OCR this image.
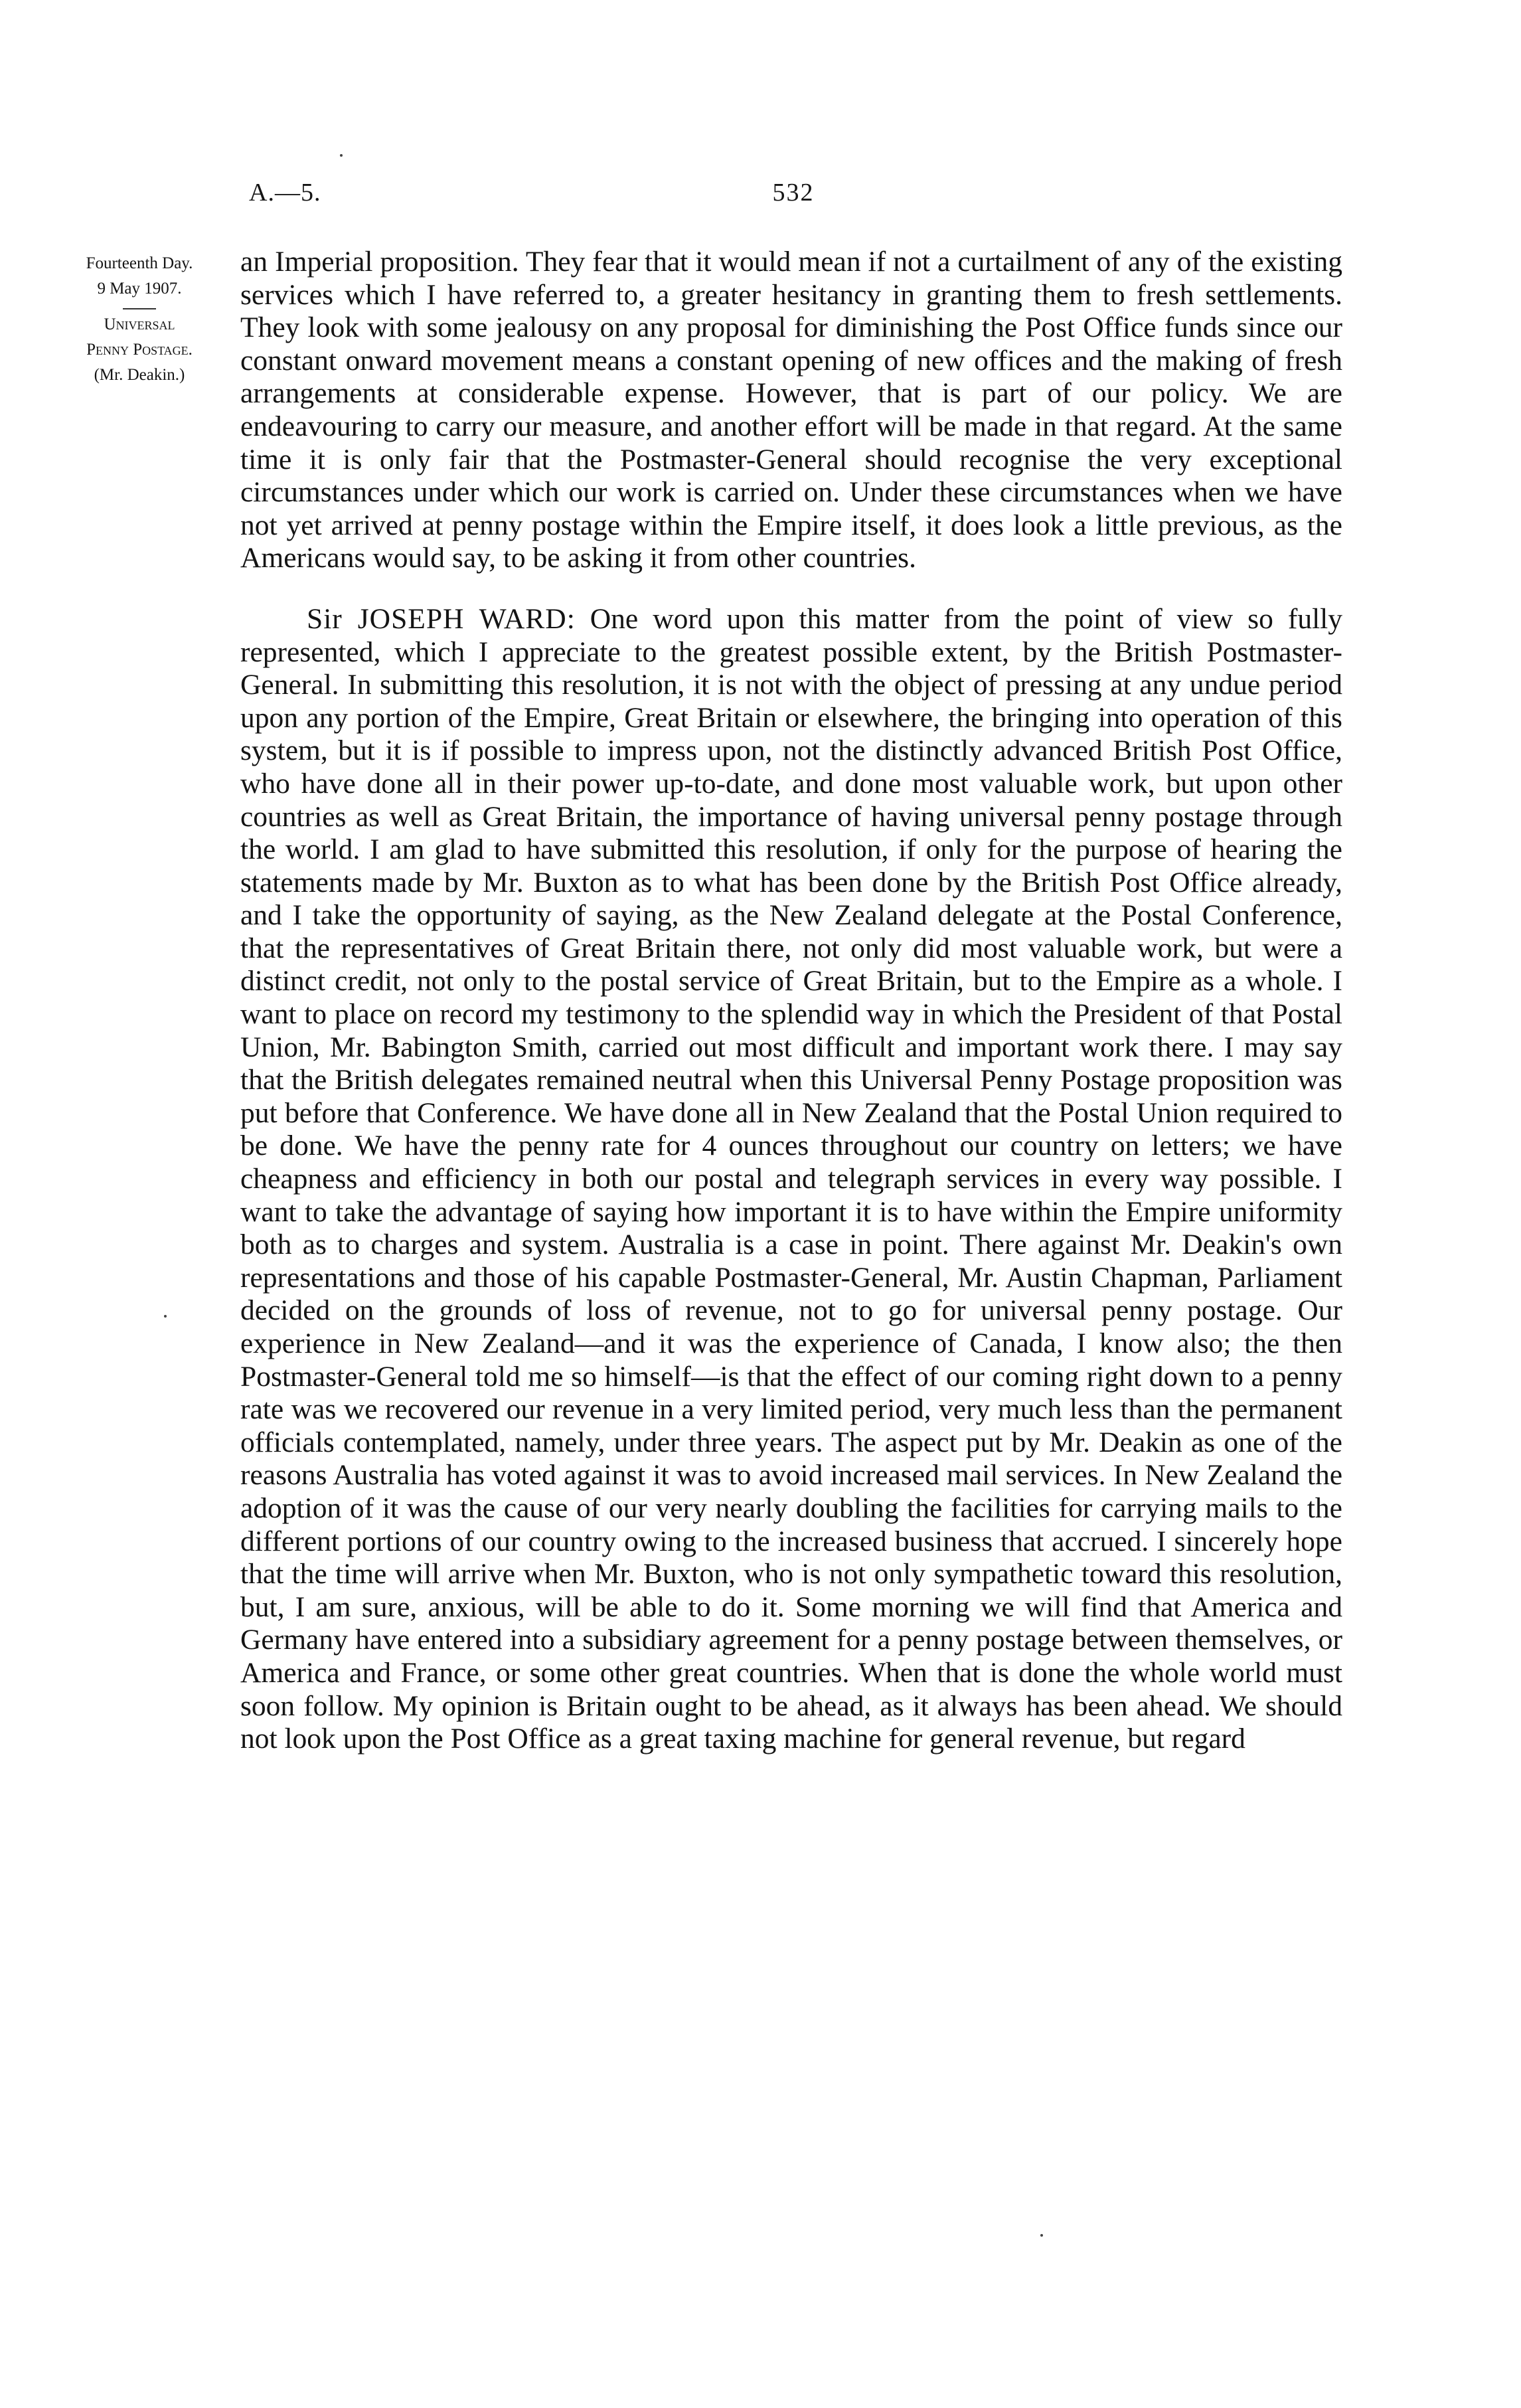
532
A.—5.
Fourteenth Day.
9 May 1907.
Universal
Penny Postage.
(Mr. Deakin.)

an Imperial proposition. They fear that it would mean if not a curtailment of any of the existing services which I have referred to, a greater hesitancy in granting them to fresh settlements. They look with some jealousy on any proposal for diminishing the Post Office funds since our constant onward movement means a constant opening of new offices and the making of fresh arrangements at considerable expense. However, that is part of our policy. We are endeavouring to carry our measure, and another effort will be made in that regard. At the same time it is only fair that the Postmaster-General should recognise the very exceptional circumstances under which our work is carried on. Under these circumstances when we have not yet arrived at penny postage within the Empire itself, it does look a little previous, as the Americans would say, to be asking it from other countries.

Sir JOSEPH WARD: One word upon this matter from the point of view so fully represented, which I appreciate to the greatest possible extent, by the British Postmaster-General. In submitting this resolution, it is not with the object of pressing at any undue period upon any portion of the Empire, Great Britain or elsewhere, the bringing into operation of this system, but it is if possible to impress upon, not the distinctly advanced British Post Office, who have done all in their power up-to-date, and done most valuable work, but upon other countries as well as Great Britain, the importance of having universal penny postage through the world. I am glad to have submitted this resolution, if only for the purpose of hearing the statements made by Mr. Buxton as to what has been done by the British Post Office already, and I take the opportunity of saying, as the New Zealand delegate at the Postal Conference, that the representatives of Great Britain there, not only did most valuable work, but were a distinct credit, not only to the postal service of Great Britain, but to the Empire as a whole. I want to place on record my testimony to the splendid way in which the President of that Postal Union, Mr. Babington Smith, carried out most difficult and important work there. I may say that the British delegates remained neutral when this Universal Penny Postage proposition was put before that Conference. We have done all in New Zealand that the Postal Union required to be done. We have the penny rate for 4 ounces throughout our country on letters; we have cheapness and efficiency in both our postal and telegraph services in every way possible. I want to take the advantage of saying how important it is to have within the Empire uniformity both as to charges and system. Australia is a case in point. There against Mr. Deakin's own representations and those of his capable Postmaster-General, Mr. Austin Chapman, Parliament decided on the grounds of loss of revenue, not to go for universal penny postage. Our experience in New Zealand—and it was the experience of Canada, I know also; the then Postmaster-General told me so himself—is that the effect of our coming right down to a penny rate was we recovered our revenue in a very limited period, very much less than the permanent officials contemplated, namely, under three years. The aspect put by Mr. Deakin as one of the reasons Australia has voted against it was to avoid increased mail services. In New Zealand the adoption of it was the cause of our very nearly doubling the facilities for carrying mails to the different portions of our country owing to the increased business that accrued. I sincerely hope that the time will arrive when Mr. Buxton, who is not only sympathetic toward this resolution, but, I am sure, anxious, will be able to do it. Some morning we will find that America and Germany have entered into a subsidiary agreement for a penny postage between themselves, or America and France, or some other great countries. When that is done the whole world must soon follow. My opinion is Britain ought to be ahead, as it always has been ahead. We should not look upon the Post Office as a great taxing machine for general revenue, but regard
